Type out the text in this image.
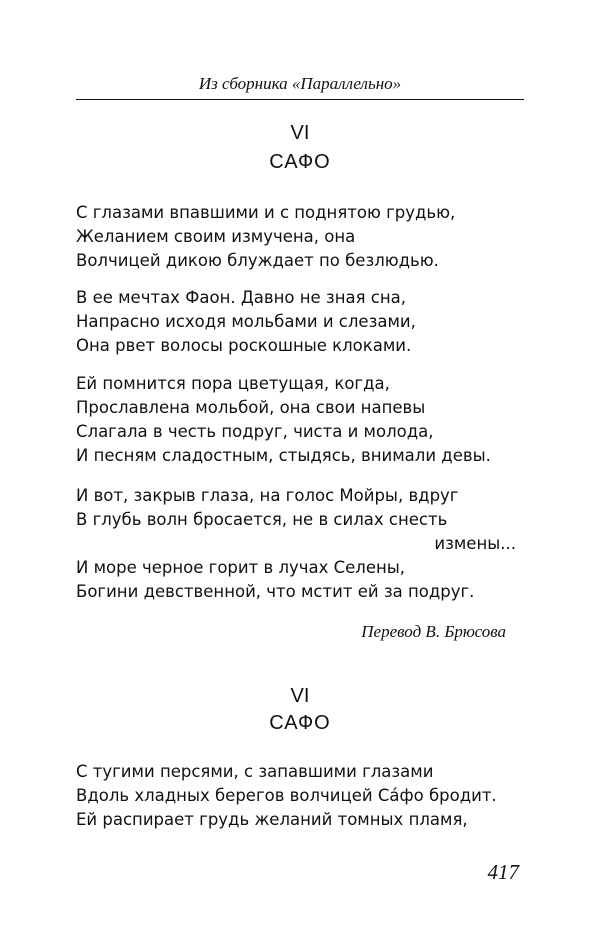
Из сборника «Параллельно»
VI
САФО
С глазами впавшими и с поднятою грудью,
Желанием своим измучена, она
Волчицей дикою блуждает по безлюдью.
В ее мечтах Фаон. Давно не зная сна,
Напрасно исходя мольбами и слезами,
Она рвет волосы роскошные клоками.
Ей помнится пора цветущая, когда,
Прославлена мольбой, она свои напевы
Слагала в честь подруг, чиста и молода,
И песням сладостным, стыдясь, внимали девы.
И вот, закрыв глаза, на голос Мойры, вдруг
В глубь волн бросается, не в силах снесть
измены...
И море черное горит в лучах Селены,
Богини девственной, что мстит ей за подруг.
Перевод В. Брюсова
VI
САФО
С тугими персями, с запавшими глазами
Вдоль хладных берегов волчицей Сáфо бродит.
Ей распирает грудь желаний томных пламя,
417
